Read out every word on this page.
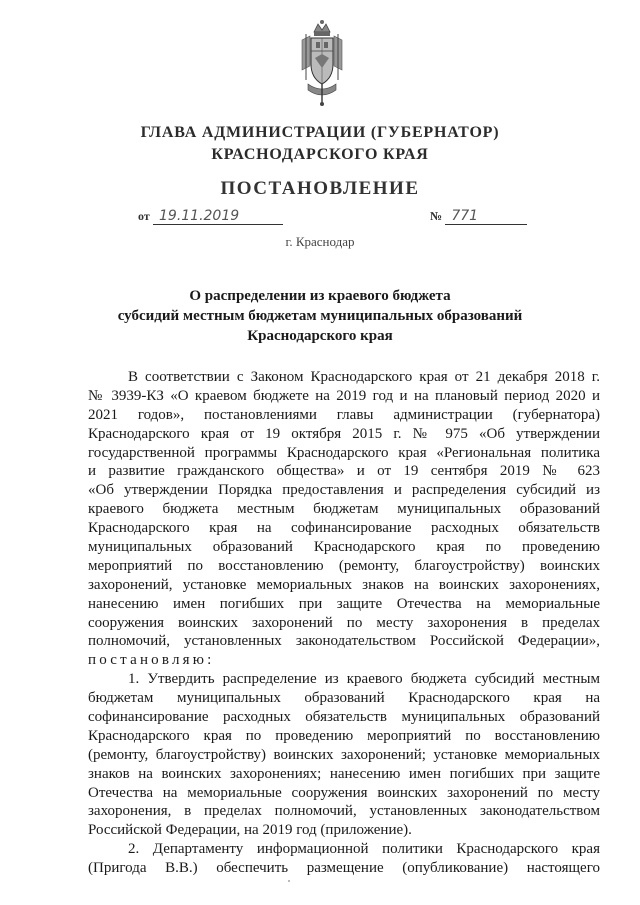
ГЛАВА АДМИНИСТРАЦИИ (ГУБЕРНАТОР)
КРАСНОДАРСКОГО КРАЯ
ПОСТАНОВЛЕНИЕ
от 19.11.2019	№ 771
г. Краснодар
О распределении из краевого бюджета
субсидий местным бюджетам муниципальных образований
Краснодарского края
В соответствии с Законом Краснодарского края от 21 декабря 2018 г.
№ 3939-КЗ «О краевом бюджете на 2019 год и на плановый период 2020 и
2021 годов», постановлениями главы администрации (губернатора)
Краснодарского края от 19 октября 2015 г. № 975 «Об утверждении
государственной программы Краснодарского края «Региональная политика
и развитие гражданского общества» и от 19 сентября 2019 № 623
«Об утверждении Порядка предоставления и распределения субсидий из
краевого бюджета местным бюджетам муниципальных образований
Краснодарского края на софинансирование расходных обязательств
муниципальных образований Краснодарского края по проведению
мероприятий по восстановлению (ремонту, благоустройству) воинских
захоронений, установке мемориальных знаков на воинских захоронениях,
нанесению имен погибших при защите Отечества на мемориальные
сооружения воинских захоронений по месту захоронения в пределах
полномочий, установленных законодательством Российской Федерации»,
постановляю:
1. Утвердить распределение из краевого бюджета субсидий местным
бюджетам муниципальных образований Краснодарского края на
софинансирование расходных обязательств муниципальных образований
Краснодарского края по проведению мероприятий по восстановлению
(ремонту, благоустройству) воинских захоронений; установке мемориальных
знаков на воинских захоронениях; нанесению имен погибших при защите
Отечества на мемориальные сооружения воинских захоронений по месту
захоронения, в пределах полномочий, установленных законодательством
Российской Федерации, на 2019 год (приложение).
2. Департаменту информационной политики Краснодарского края
(Пригода В.В.) обеспечить размещение (опубликование) настоящего
